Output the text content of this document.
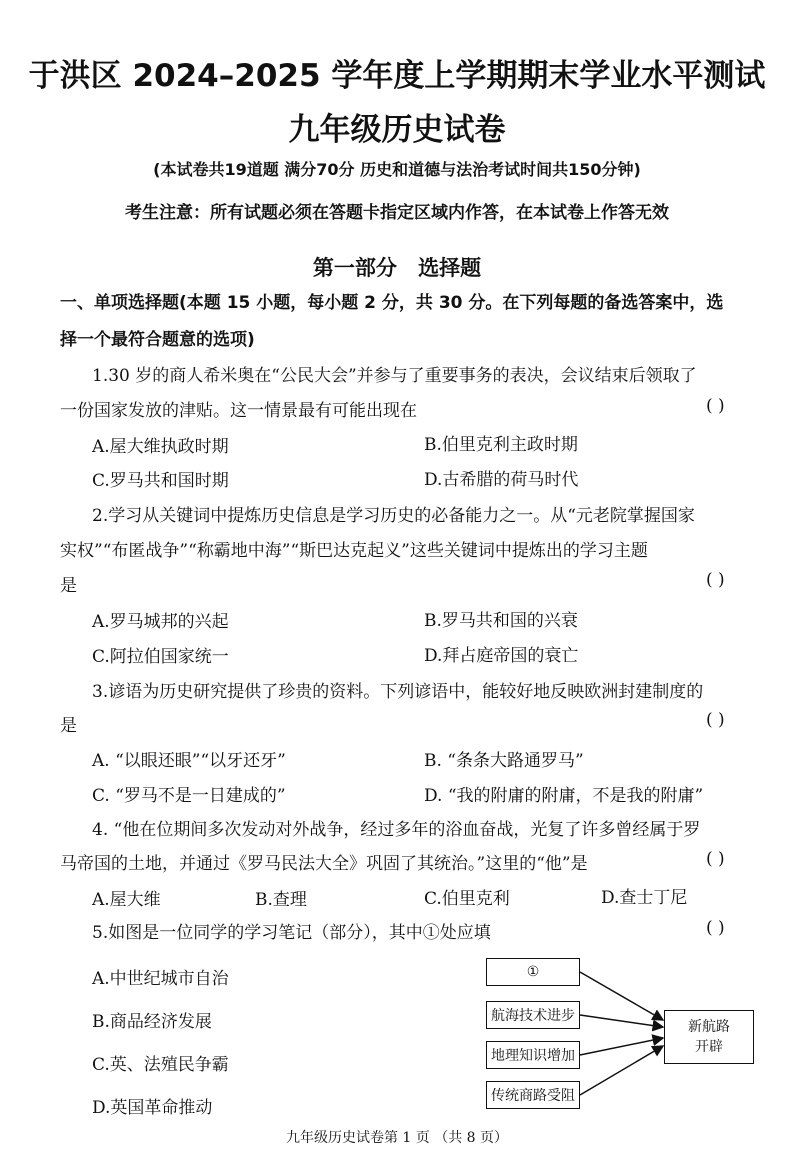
于洪区 2024–2025 学年度上学期期末学业水平测试
九年级历史试卷
(本试卷共19道题 满分70分 历史和道德与法治考试时间共150分钟)
考生注意：所有试题必须在答题卡指定区域内作答，在本试卷上作答无效
第一部分 选择题
一、单项选择题(本题 15 小题，每小题 2 分，共 30 分。在下列每题的备选答案中，选
择一个最符合题意的选项)
1.30 岁的商人希米奥在“公民大会”并参与了重要事务的表决，会议结束后领取了
一份国家发放的津贴。这一情景最有可能出现在	( )
A.屋大维执政时期	B.伯里克利主政时期
C.罗马共和国时期	D.古希腊的荷马时代
2.学习从关键词中提炼历史信息是学习历史的必备能力之一。从“元老院掌握国家
实权”“布匿战争”“称霸地中海”“斯巴达克起义”这些关键词中提炼出的学习主题
是	( )
A.罗马城邦的兴起	B.罗马共和国的兴衰
C.阿拉伯国家统一	D.拜占庭帝国的衰亡
3.谚语为历史研究提供了珍贵的资料。下列谚语中，能较好地反映欧洲封建制度的
是	( )
A. “以眼还眼”“以牙还牙”	B. “条条大路通罗马”
C. “罗马不是一日建成的”	D. “我的附庸的附庸，不是我的附庸”
4. “他在位期间多次发动对外战争，经过多年的浴血奋战，光复了许多曾经属于罗
马帝国的土地，并通过《罗马民法大全》巩固了其统治。”这里的“他”是	( )
A.屋大维	B.查理	C.伯里克利	D.查士丁尼
5.如图是一位同学的学习笔记（部分），其中①处应填	( )
A.中世纪城市自治
B.商品经济发展
C.英、法殖民争霸
D.英国革命推动
①
航海技术进步
地理知识增加
传统商路受阻
新航路
开辟
九年级历史试卷第 1 页 （共 8 页）
